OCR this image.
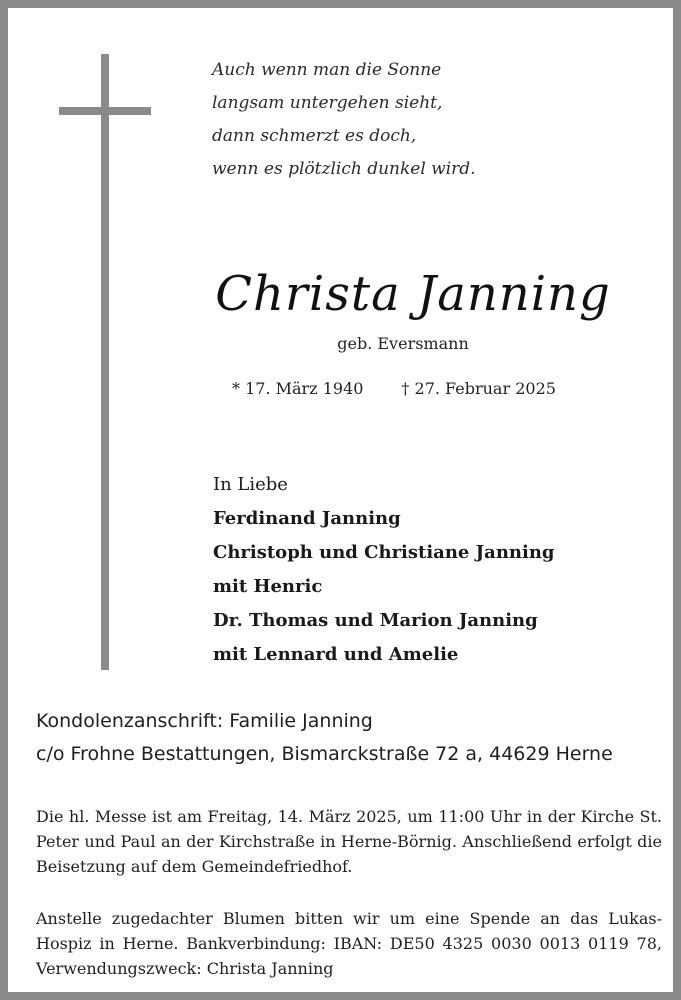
Auch wenn man die Sonne
langsam untergehen sieht,
dann schmerzt es doch,
wenn es plötzlich dunkel wird.
Christa Janning
geb. Eversmann
* 17. März 1940 † 27. Februar 2025
In Liebe
Ferdinand Janning
Christoph und Christiane Janning
mit Henric
Dr. Thomas und Marion Janning
mit Lennard und Amelie
Kondolenzanschrift: Familie Janning
c/o Frohne Bestattungen, Bismarckstraße 72 a, 44629 Herne
Die hl. Messe ist am Freitag, 14. März 2025, um 11:00 Uhr in der Kirche St. Peter und Paul an der Kirchstraße in Herne-Börnig. Anschließend erfolgt die Beisetzung auf dem Gemeindefriedhof.
Anstelle zugedachter Blumen bitten wir um eine Spende an das Lukas-Hospiz in Herne. Bankverbindung: IBAN: DE50 4325 0030 0013 0119 78, Verwendungszweck: Christa Janning
